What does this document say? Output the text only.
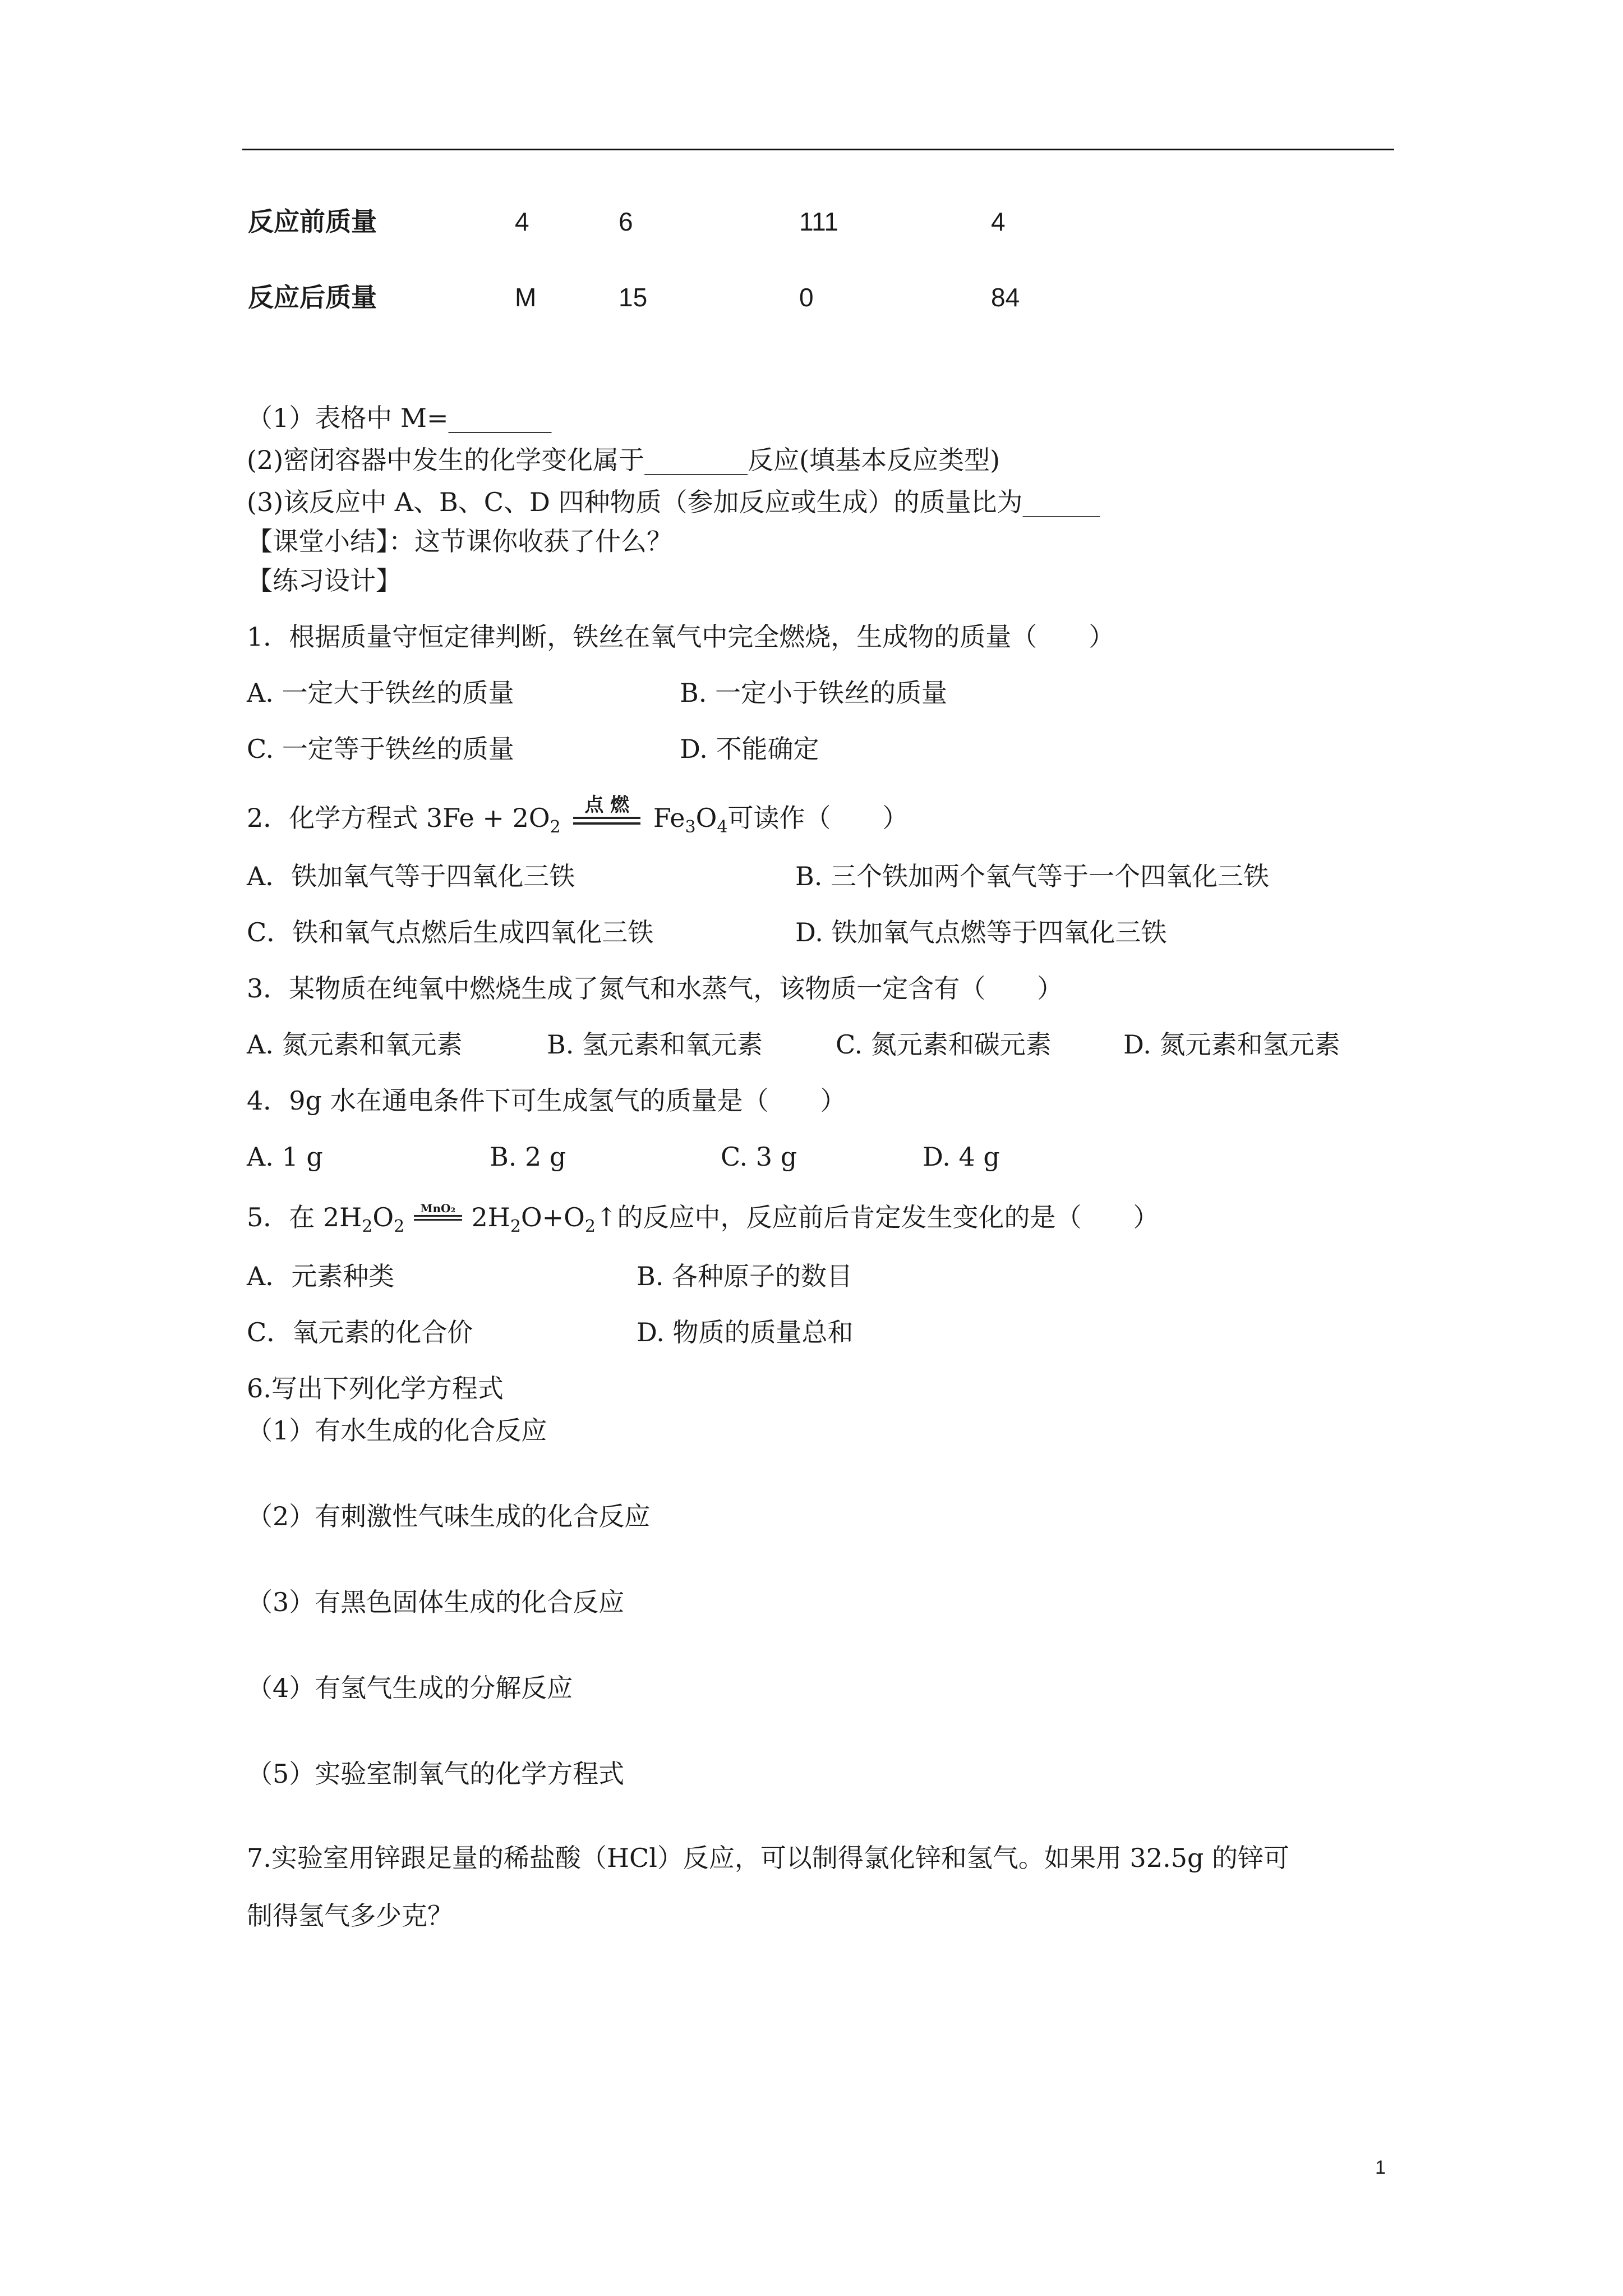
反应前质量	4	6	111	4
反应后质量	M	15	0	84
（1）表格中 M=________
(2)密闭容器中发生的化学变化属于________反应(填基本反应类型)
(3)该反应中 A、B、C、D 四种物质（参加反应或生成）的质量比为______
【课堂小结】：这节课你收获了什么？
【练习设计】
1．根据质量守恒定律判断，铁丝在氧气中完全燃烧，生成物的质量（　　）
A. 一定大于铁丝的质量	B. 一定小于铁丝的质量
C. 一定等于铁丝的质量	D. 不能确定
2．化学方程式 $3Fe + 2O_2$
点 燃 $Fe_3O_4$可读作（　　）
A．铁加氧气等于四氧化三铁	B. 三个铁加两个氧气等于一个四氧化三铁
C．铁和氧气点燃后生成四氧化三铁	D. 铁加氧气点燃等于四氧化三铁
3．某物质在纯氧中燃烧生成了氮气和水蒸气，该物质一定含有（　　）
A. 氮元素和氧元素	B. 氢元素和氧元素	C. 氮元素和碳元素	D. 氮元素和氢元素
4．9g 水在通电条件下可生成氢气的质量是（　　）
A. 1 g	B. 2 g	C. 3 g	D. 4 g
5．在 $2H_2O_2$
MnO₂ $2H_2O+O_2↑$的反应中，反应前后肯定发生变化的是（　　）
A．元素种类	B. 各种原子的数目
C．氧元素的化合价	D. 物质的质量总和
6.写出下列化学方程式
（1）有水生成的化合反应
（2）有刺激性气味生成的化合反应
（3）有黑色固体生成的化合反应
（4）有氢气生成的分解反应
（5）实验室制氧气的化学方程式
7.实验室用锌跟足量的稀盐酸（HCl）反应，可以制得氯化锌和氢气。如果用 32.5g 的锌可
制得氢气多少克？
1
